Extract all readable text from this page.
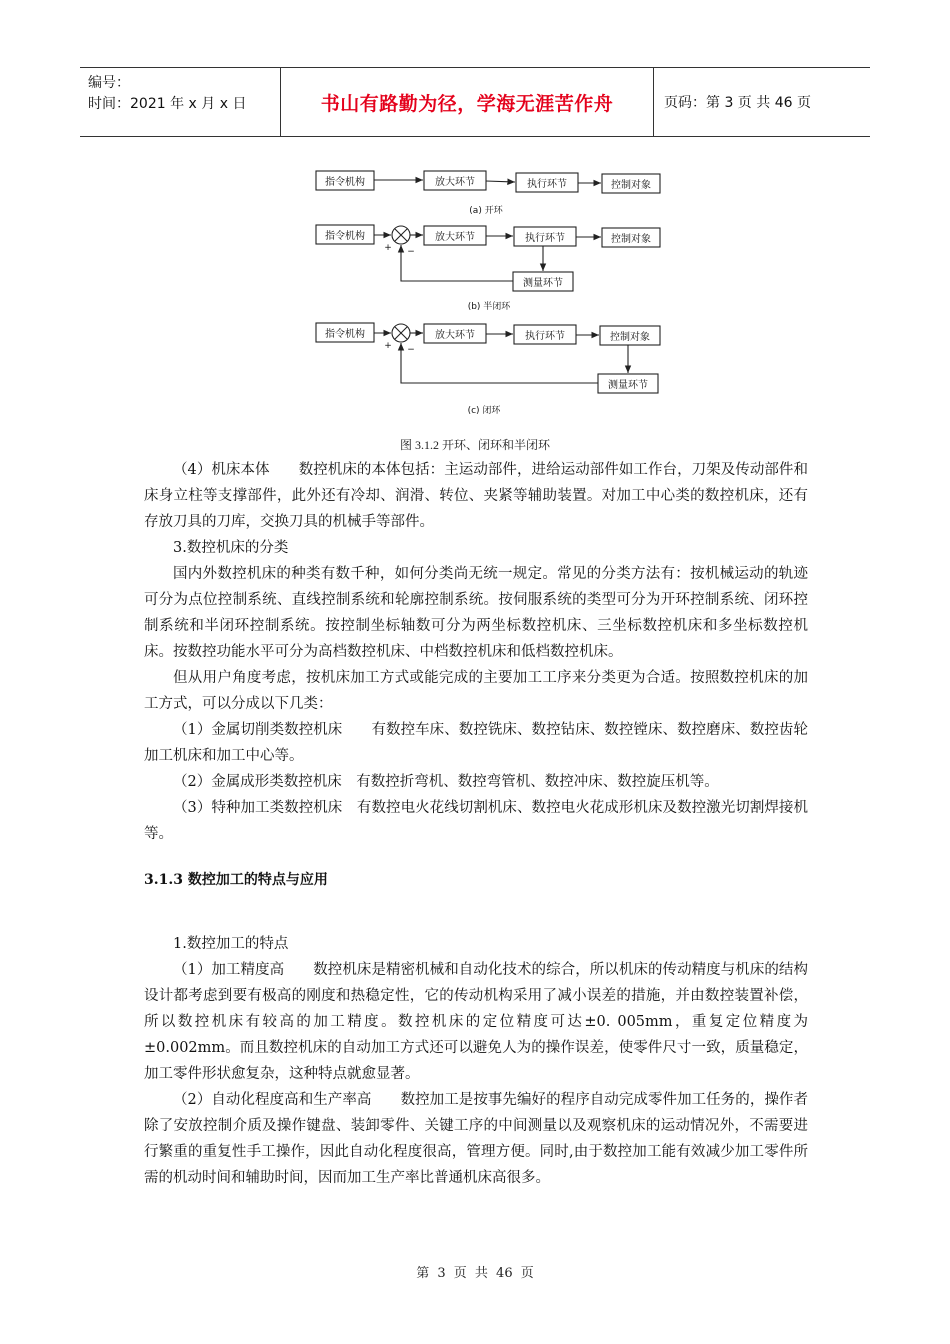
编号：
时间：2021 年 x 月 x 日	书山有路勤为径，学海无涯苦作舟	页码：第 3 页 共 46 页
指令机构	放大环节	执行环节	控制对象
(a) 开环
指令机构	放大环节	执行环节	控制对象
测量环节
+ −
(b) 半闭环
指令机构	放大环节	执行环节	控制对象
测量环节
+ −
(c) 闭环
图 3.1.2 开环、闭环和半闭环

（4）机床本体　　数控机床的本体包括：主运动部件，进给运动部件如工作台，刀架及传动部件和床身立柱等支撑部件，此外还有冷却、润滑、转位、夹紧等辅助装置。对加工中心类的数控机床，还有存放刀具的刀库，交换刀具的机械手等部件。

3.数控机床的分类

国内外数控机床的种类有数千种，如何分类尚无统一规定。常见的分类方法有：按机械运动的轨迹可分为点位控制系统、直线控制系统和轮廓控制系统。按伺服系统的类型可分为开环控制系统、闭环控制系统和半闭环控制系统。按控制坐标轴数可分为两坐标数控机床、三坐标数控机床和多坐标数控机床。按数控功能水平可分为高档数控机床、中档数控机床和低档数控机床。

但从用户角度考虑，按机床加工方式或能完成的主要加工工序来分类更为合适。按照数控机床的加工方式，可以分成以下几类：

（1）金属切削类数控机床　　有数控车床、数控铣床、数控钻床、数控镗床、数控磨床、数控齿轮加工机床和加工中心等。

（2）金属成形类数控机床　有数控折弯机、数控弯管机、数控冲床、数控旋压机等。

（3）特种加工类数控机床　有数控电火花线切割机床、数控电火花成形机床及数控激光切割焊接机等。

3.1.3 数控加工的特点与应用

1.数控加工的特点

（1）加工精度高　　数控机床是精密机械和自动化技术的综合，所以机床的传动精度与机床的结构设计都考虑到要有极高的刚度和热稳定性，它的传动机构采用了减小误差的措施，并由数控装置补偿，所以数控机床有较高的加工精度。数控机床的定位精度可达±0. 005mm，重复定位精度为±0.002mm。而且数控机床的自动加工方式还可以避免人为的操作误差，使零件尺寸一致，质量稳定，加工零件形状愈复杂，这种特点就愈显著。

（2）自动化程度高和生产率高　　数控加工是按事先编好的程序自动完成零件加工任务的，操作者除了安放控制介质及操作键盘、装卸零件、关键工序的中间测量以及观察机床的运动情况外，不需要进行繁重的重复性手工操作，因此自动化程度很高，管理方便。同时,由于数控加工能有效减少加工零件所需的机动时间和辅助时间，因而加工生产率比普通机床高很多。

第 3 页 共 46 页
